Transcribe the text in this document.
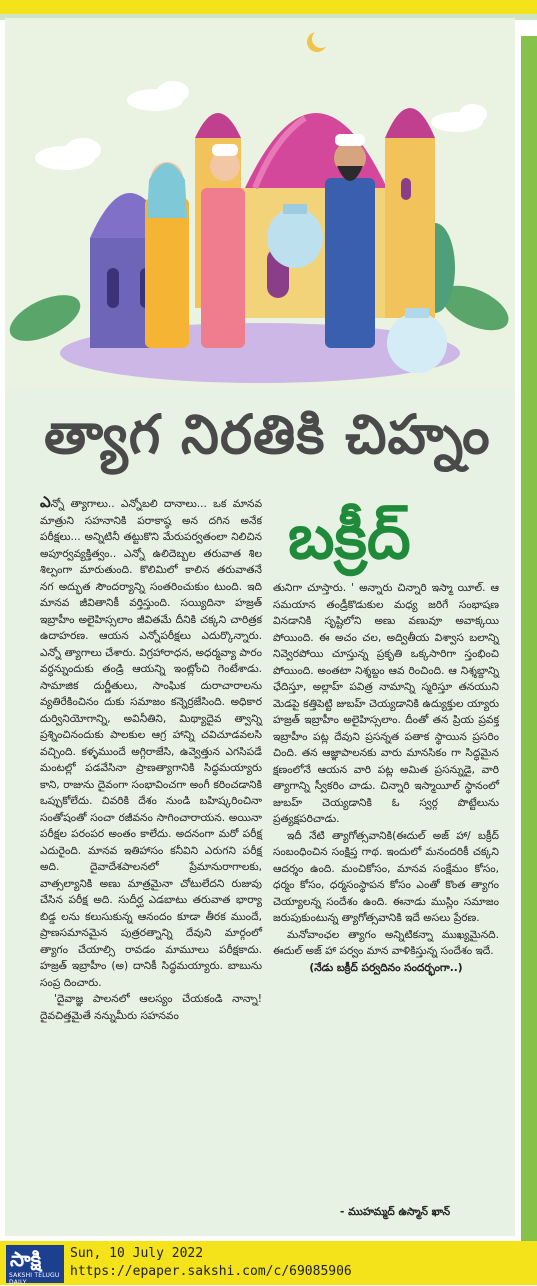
త్యాగ నిరతికి చిహ్నం
బక్రీద్

ఎన్నో త్యాగాలు.. ఎన్నోబలి దానాలు... ఒక మానవ మాత్రుని సహనానికి పరాకాష్ఠ అన దగిన అనేక పరీక్షలు... అన్నిటినీ తట్టుకొని మేరుపర్వతంలా నిలిచిన అపూర్వవ్యక్తిత్వం.. ఎన్నో ఉలిదెబ్బల తరువాత శిల శిల్పంగా మారుతుంది. కొలిమిలో కాలిన తరువాతనే నగ అద్భుత సౌందర్యాన్ని సంతరించుకుం టుంది. ఇది మానవ జీవితానికీ వర్తిస్తుంది. సయ్యిదినా హజ్రత్ ఇబ్రాహీం అలైహిస్సలాం జీవితమే దీనికి చక్కని చారిత్రక ఉదాహరణ. ఆయన ఎన్నోపరీక్షలు ఎదుర్కొన్నారు. ఎన్నో త్యాగాలు చేశారు. విగ్రహారాధన, అధర్మవ్యా పారం వర్ధన్నుందుకు తండ్రి ఆయన్ని ఇంట్లోంచి గెంటేశాడు. సామాజిక దుర్ణీతులు, సాంఘిక దురాచారాలను వ్యతిరేకించినం దుకు సమాజం కన్నెర్రజేసింది. అధికార దుర్వినియోగాన్ని, అవినీతిని, మిథ్యాదైవ త్వాన్ని ప్రశ్నించినందుకు పాలకుల ఆగ్ర హాన్ని చవిచూడవలసి వచ్చింది. కళ్ళముందే అగ్గిరాజేసి, ఉవ్వెత్తున ఎగసిపడే మంటల్లో పడవేసినా ప్రాణత్యాగానికి సిద్ధమయ్యారు కాని, రాజును దైవంగా సంభావించగా అంగీ కరించడానికి ఒప్పుకోలేదు. చివరికి దేశం నుండి బహిష్కరించినా సంతోషంతో సంచా రజీవనం సాగించారాయన. అయినా పరీక్షల పరంపర అంతం కాలేదు. అదనంగా మరో పరీక్ష ఎదురైంది. మానవ ఇతిహాసం కనీవిని ఎరుగని పరీక్ష అది. దైవాదేశపాలనలో ప్రేమానురాగాలకు, వాత్సల్యానికి అణు మాత్రమైనా చోటులేదని రుజువు చేసిన పరీక్ష అది. సుదీర్ఘ ఎడబాటు తరువాత భార్యా బిడ్డ లను కలుసుకున్న ఆనందం కూడా తీరక ముందే, ప్రాణసమానమైన పుత్రరత్నాన్ని దేవుని మార్గంలో త్యాగం చేయాల్సి రావడం మామూలు పరీక్షకాదు. హజ్రత్ ఇబ్రాహీం (అ) దానికీ సిద్ధమయ్యారు. బాబును సంప్ర దించారు.

'దైవాజ్ఞ పాలనలో ఆలస్యం చేయకండి నాన్నా! దైవచిత్తమైతే నన్నుమీరు సహనవం

తునిగా చూస్తారు. ' అన్నారు చిన్నారి ఇస్మా యీల్. ఆ సమయాన తండ్రీకొడుకుల మధ్య జరిగే సంభాషణ వినడానికి సృష్టిలోని అణు వణువూ అవాక్కయి పోయింది. ఈ అచం చల, అద్వితీయ విశ్వాస బలాన్ని నివ్వెరపోయి చూస్తున్న ప్రకృతి ఒక్కసారిగా స్తంభించి పోయింది. అంతటా నిశ్శబ్దం ఆవ రించింది. ఆ నిశ్శబ్దాన్ని ఛేదిస్తూ, అల్లాహ్ పవిత్ర నామాన్ని స్మరిస్తూ తనయుని మెడపై కత్తిపెట్టి జుబహ్ చెయ్యడానికి ఉద్యుక్తుల య్యారు హజ్రత్ ఇబ్రాహీం అలైహిస్సలాం. దీంతో తన ప్రియ ప్రవక్త ఇబ్రాహీం పట్ల దేవుని ప్రసన్నత పతాక స్థాయిన ప్రసరిం చింది. తన ఆజ్ఞాపాలనకు వారు మానసికం గా సిద్ధమైన క్షణంలోనే ఆయన వారి పట్ల అమిత ప్రసన్నుడై, వారి త్యాగాన్ని స్వీకరిం చాడు. చిన్నారి ఇస్మాయీల్ స్థానంలో జుబహ్ చెయ్యడానికి ఓ స్వర్గ పొట్టేలును ప్రత్యక్షపరిచాడు.

ఇదీ నేటి త్యాగోత్సవానికి(ఈదుల్ అజ్ హా/ బక్రీద్ సంబంధించిన సంక్షిప్త గాథ. ఇందులో మనందరికీ చక్కని ఆదర్శం ఉంది. మంచికోసం, మానవ సంక్షేమం కోసం, ధర్మం కోసం, ధర్మసంస్థాపన కోసం ఎంతో కొంత త్యాగం చెయ్యాలన్న సందేశం ఉంది. ఈనాడు ముస్లిం సమాజం జరుపుకుంటున్న త్యాగోత్సవానికి ఇదే అసలు ప్రేరణ.

మనోవాంఛల త్యాగం అన్నిటికన్నా ముఖ్యమైనది. ఈదుల్ అజ్ హా పర్వం మాన వాళికిస్తున్న సందేశం ఇదే.

(నేడు బక్రీద్ పర్వదినం సందర్భంగా..)

- ముహమ్మద్ ఉస్మాన్ ఖాన్
సాక్షి
SAKSHI TELUGU DAILY
Sun, 10 July 2022
https://epaper.sakshi.com/c/69085906
